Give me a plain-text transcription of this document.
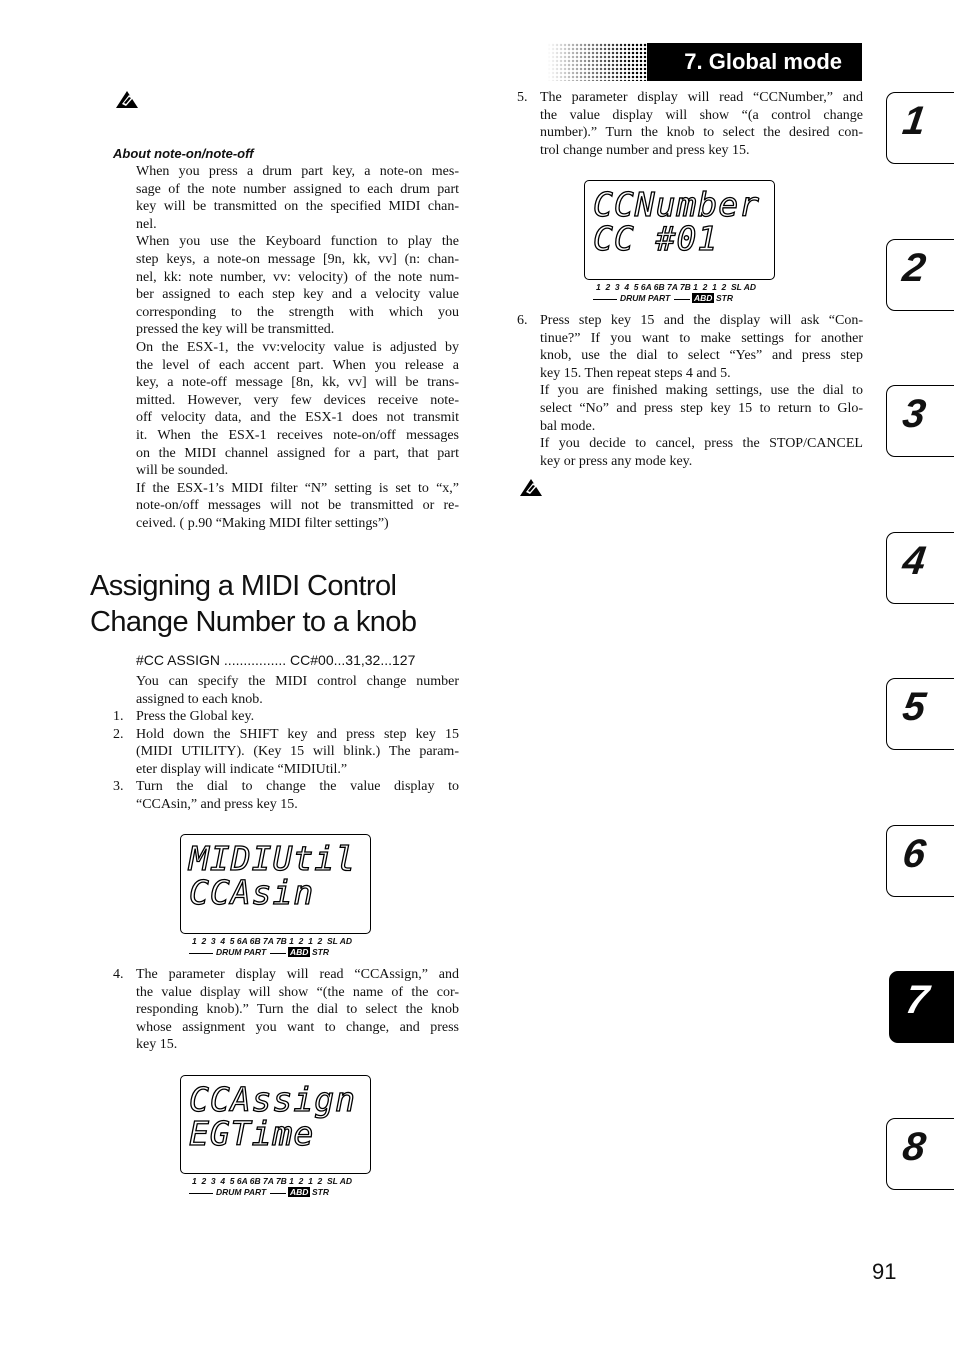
7. Global mode
1
2
3
4
5
6
7
8
About note-on/note-off
When you press a drum part key, a note-on mes-
sage of the note number assigned to each drum part
key will be transmitted on the specified MIDI chan-
nel.
When you use the Keyboard function to play the
step keys, a note-on message [9n, kk, vv] (n: chan-
nel, kk: note number, vv: velocity) of the note num-
ber assigned to each step key and a velocity value
corresponding to the strength with which you
pressed the key will be transmitted.
On the ESX-1, the vv:velocity value is adjusted by
the level of each accent part. When you release a
key, a note-off message [8n, kk, vv] will be trans-
mitted. However, very few devices receive note-
off velocity data, and the ESX-1 does not transmit
it. When the ESX-1 receives note-on/off messages
on the MIDI channel assigned for a part, that part
will be sounded.
If the ESX-1’s MIDI filter “N” setting is set to “x,”
note-on/off messages will not be transmitted or re-
ceived. ( p.90 “Making MIDI filter settings”)
Assigning a MIDI Control
Change Number to a knob
#CC ASSIGN ................ CC#00...31,32...127
You can specify the MIDI control change number
assigned to each knob.
1. Press the Global key.
2. Hold down the SHIFT key and press step key 15
(MIDI UTILITY). (Key 15 will blink.) The param-
eter display will indicate “MIDIUtil.”
3. Turn the dial to change the value display to
“CCAsin,” and press key 15.
MIDIUtil
CCAsin
1  2  3  4  5 6A 6B 7A 7B 1  2  1  2  SL AD
DRUM PART	ABD STR
4. The parameter display will read “CCAssign,” and
the value display will show “(the name of the cor-
responding knob).” Turn the dial to select the knob
whose assignment you want to change, and press
key 15.
CCAssign
EGTime
1  2  3  4  5 6A 6B 7A 7B 1  2  1  2  SL AD
DRUM PART	ABD STR
5. The parameter display will read “CCNumber,” and
the value display will show “(a control change
number).” Turn the knob to select the desired con-
trol change number and press key 15.
CCNumber
CC #01
1  2  3  4  5 6A 6B 7A 7B 1  2  1  2  SL AD
DRUM PART	ABD STR
6. Press step key 15 and the display will ask “Con-
tinue?” If you want to make settings for another
knob, use the dial to select “Yes” and press step
key 15. Then repeat steps 4 and 5.
If you are finished making settings, use the dial to
select “No” and press step key 15 to return to Glo-
bal mode.
If you decide to cancel, press the STOP/CANCEL
key or press any mode key.
91
